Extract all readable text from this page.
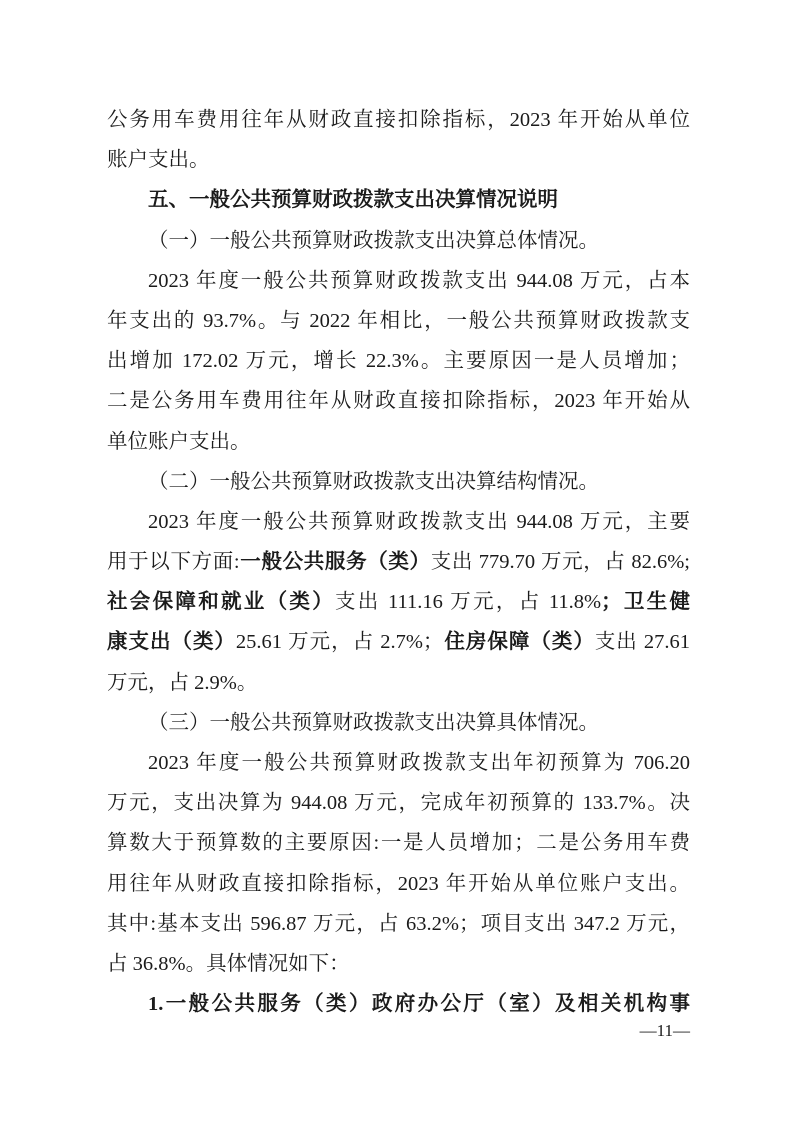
公务用车费用往年从财政直接扣除指标，2023 年开始从单位
账户支出。
五、一般公共预算财政拨款支出决算情况说明
（一）一般公共预算财政拨款支出决算总体情况。
2023 年度一般公共预算财政拨款支出 944.08 万元，占本
年支出的 93.7%。与 2022 年相比，一般公共预算财政拨款支
出增加 172.02 万元，增长 22.3%。主要原因一是人员增加；
二是公务用车费用往年从财政直接扣除指标，2023 年开始从
单位账户支出。
（二）一般公共预算财政拨款支出决算结构情况。
2023 年度一般公共预算财政拨款支出 944.08 万元，主要
用于以下方面:一般公共服务（类）支出 779.70 万元，占 82.6%;
社会保障和就业（类）支出 111.16 万元，占 11.8%；卫生健
康支出（类）25.61 万元，占 2.7%；住房保障（类）支出 27.61
万元，占 2.9%。
（三）一般公共预算财政拨款支出决算具体情况。
2023 年度一般公共预算财政拨款支出年初预算为 706.20
万元，支出决算为 944.08 万元，完成年初预算的 133.7%。决
算数大于预算数的主要原因:一是人员增加；二是公务用车费
用往年从财政直接扣除指标，2023 年开始从单位账户支出。
其中:基本支出 596.87 万元，占 63.2%；项目支出 347.2 万元，
占 36.8%。具体情况如下：
1.一般公共服务（类）政府办公厅（室）及相关机构事
—11—
